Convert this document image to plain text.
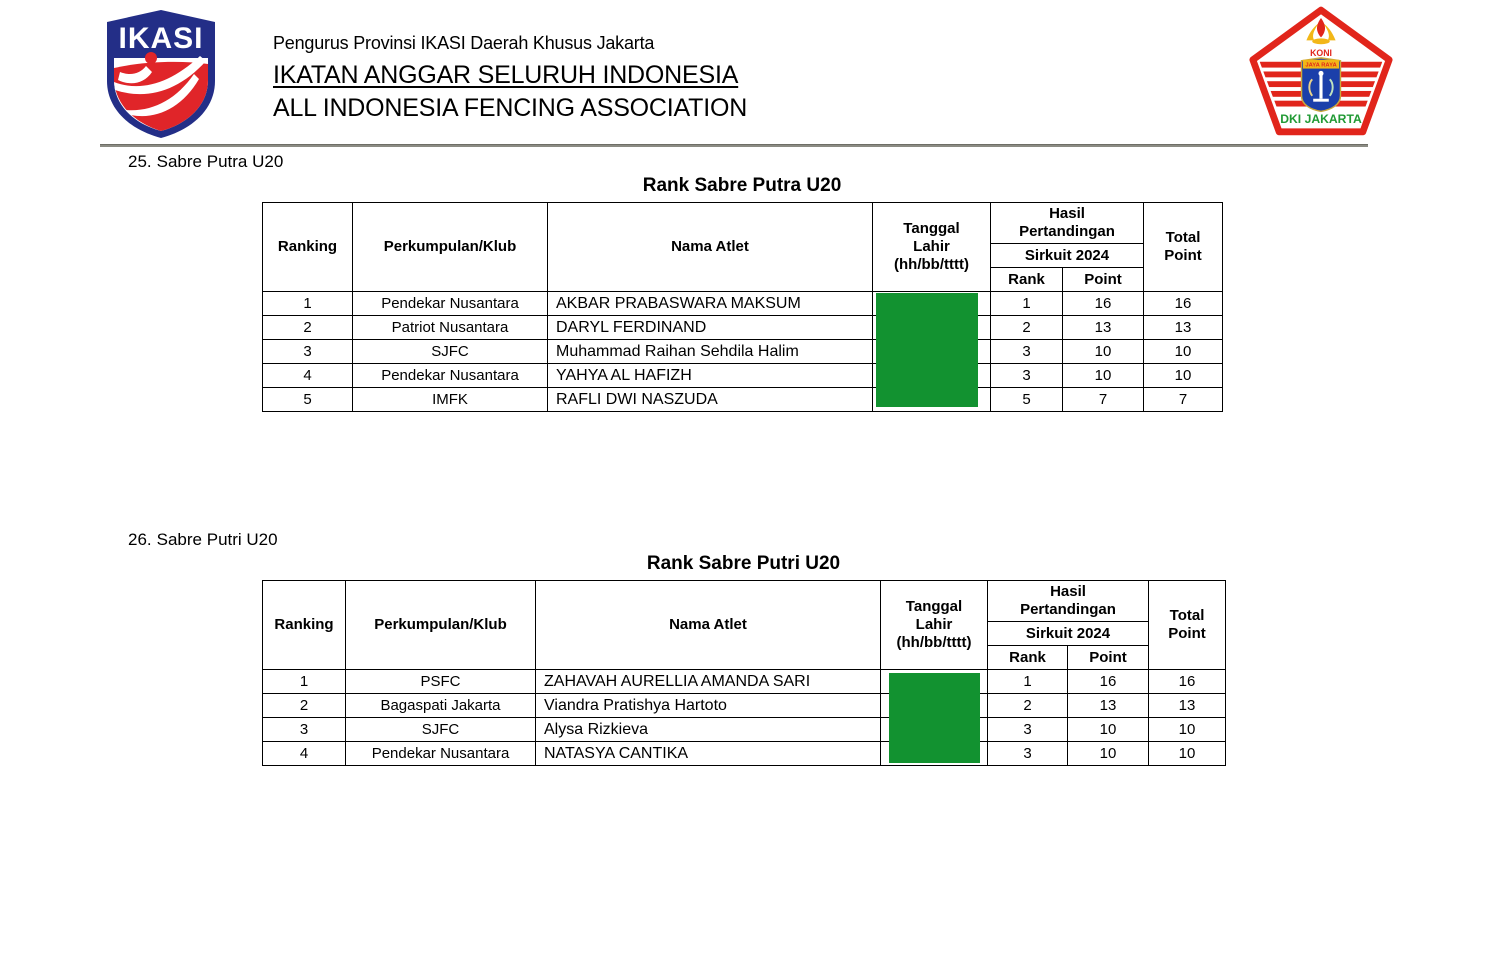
IKASI	Pengurus Provinsi IKASI Daerah Khusus Jakarta
IKATAN ANGGAR SELURUH INDONESIA
ALL INDONESIA FENCING ASSOCIATION
KONI
JAYA RAYA
DKI JAKARTA
25. Sabre Putra U20
Rank Sabre Putra U20
Ranking	Perkumpulan/Klub	Nama Atlet	Tanggal Lahir
(hh/bb/tttt)	Hasil Pertandingan		Total Point

				Sirkuit 2024		

				Rank	Point	
1	Pendekar Nusantara	AKBAR PRABASWARA MAKSUM		1	16	16
2	Patriot Nusantara	DARYL FERDINAND		2	13	13
3	SJFC	Muhammad Raihan Sehdila Halim		3	10	10
4	Pendekar Nusantara	YAHYA AL HAFIZH		3	10	10
5	IMFK	RAFLI DWI NASZUDA		5	7	7
26. Sabre Putri U20
Rank Sabre Putri U20
Ranking	Perkumpulan/Klub	Nama Atlet	Tanggal Lahir
(hh/bb/tttt)	Hasil Pertandingan		Total Point

				Sirkuit 2024		

				Rank	Point	
1	PSFC	ZAHAVAH AURELLIA AMANDA SARI		1	16	16
2	Bagaspati Jakarta	Viandra Pratishya Hartoto		2	13	13
3	SJFC	Alysa Rizkieva		3	10	10
4	Pendekar Nusantara	NATASYA CANTIKA		3	10	10
